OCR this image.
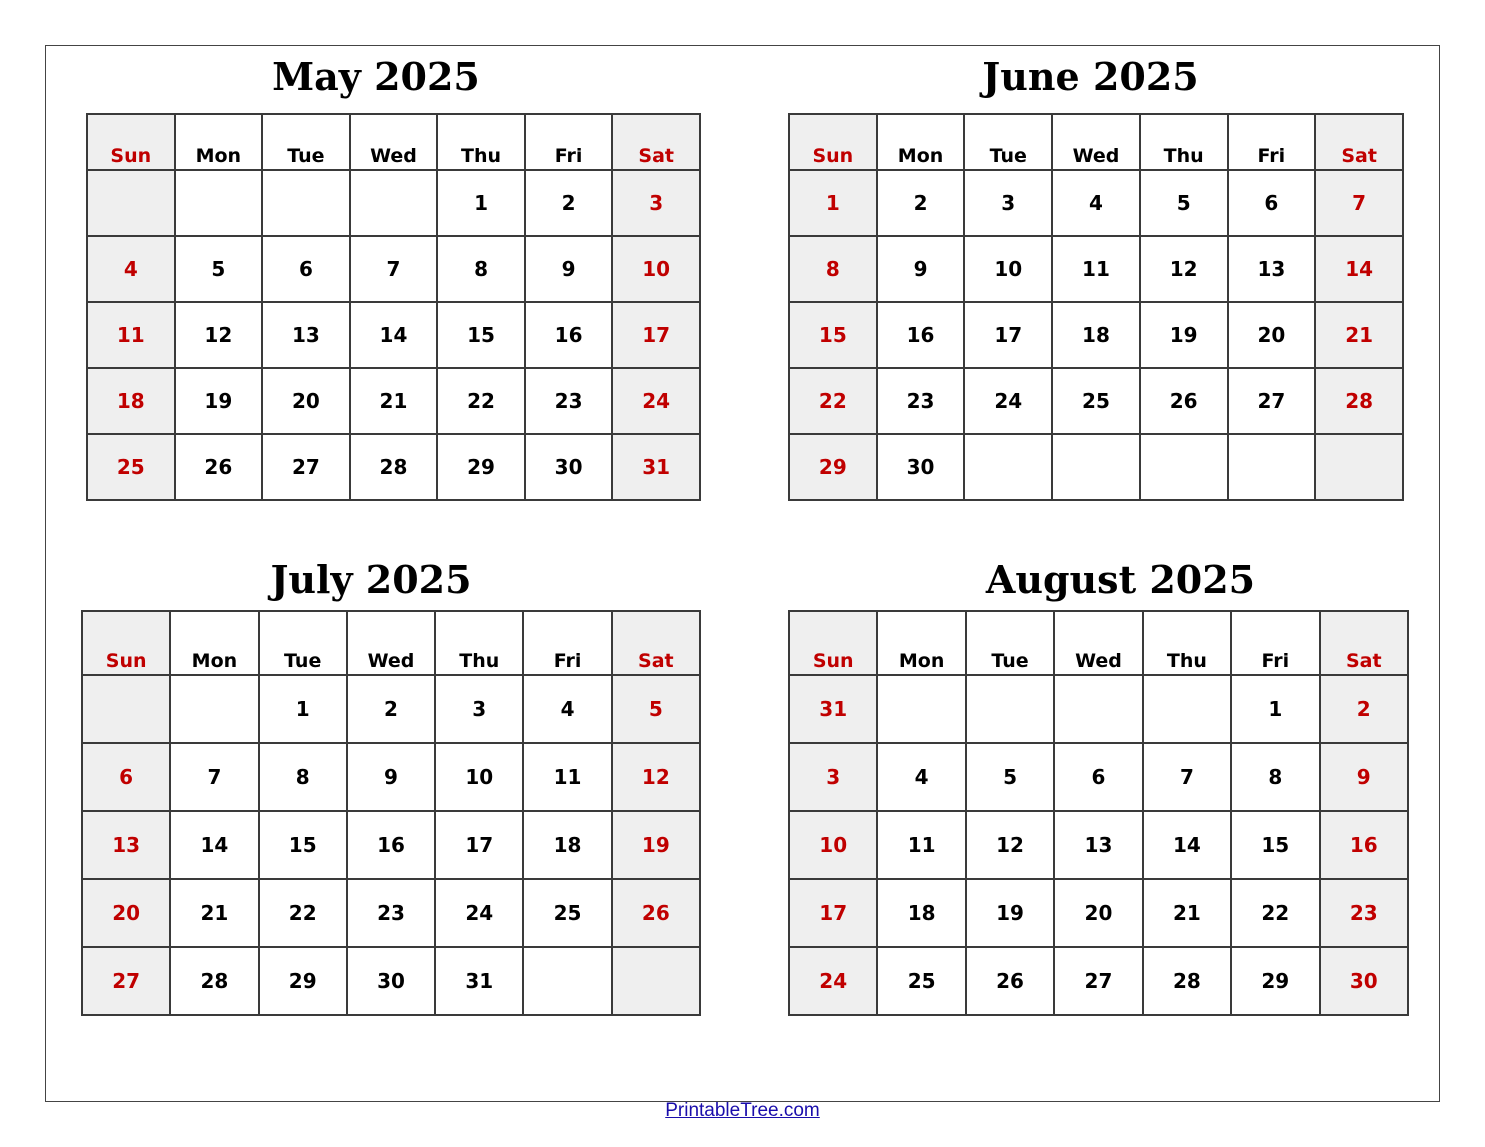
May 2025
Sun	Mon	Tue	Wed	Thu	Fri	Sat
				1	2	3
4	5	6	7	8	9	10
11	12	13	14	15	16	17
18	19	20	21	22	23	24
25	26	27	28	29	30	31
June 2025
Sun	Mon	Tue	Wed	Thu	Fri	Sat
1	2	3	4	5	6	7
8	9	10	11	12	13	14
15	16	17	18	19	20	21
22	23	24	25	26	27	28
29	30					
July 2025
Sun	Mon	Tue	Wed	Thu	Fri	Sat
		1	2	3	4	5
6	7	8	9	10	11	12
13	14	15	16	17	18	19
20	21	22	23	24	25	26
27	28	29	30	31		
August 2025
Sun	Mon	Tue	Wed	Thu	Fri	Sat
31					1	2
3	4	5	6	7	8	9
10	11	12	13	14	15	16
17	18	19	20	21	22	23
24	25	26	27	28	29	30
PrintableTree.com
